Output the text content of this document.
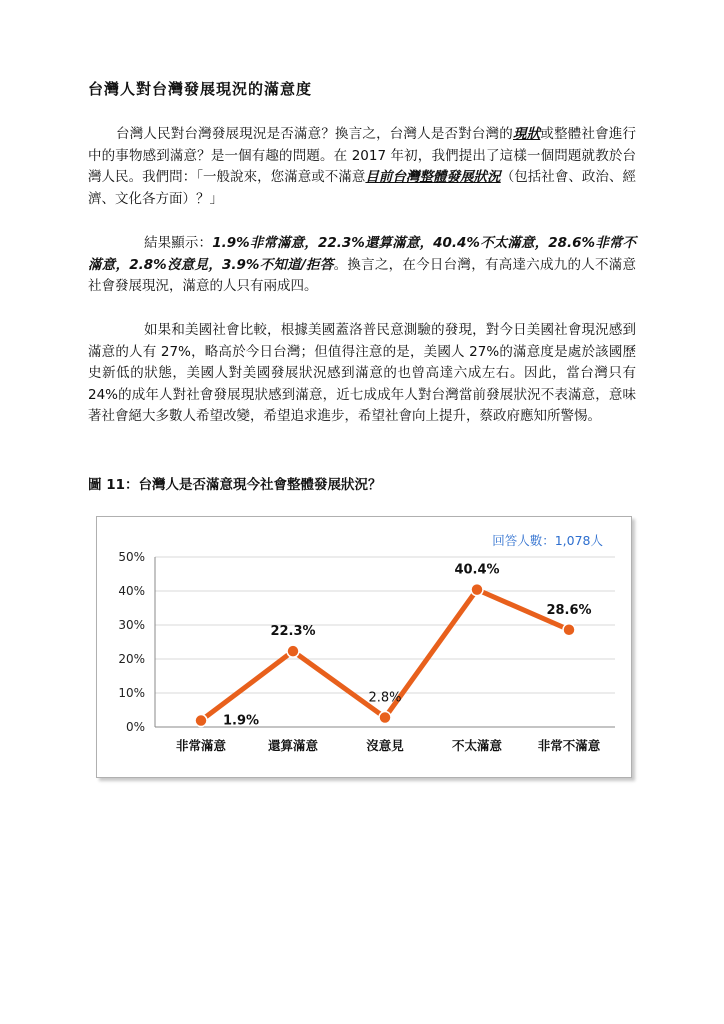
台灣人對台灣發展現況的滿意度

台灣人民對台灣發展現況是否滿意？換言之，台灣人是否對台灣的現狀或整體社會進行中的事物感到滿意？是一個有趣的問題。在 2017 年初，我們提出了這樣一個問題就教於台灣人民。我們問：「一般說來，您滿意或不滿意目前台灣整體發展狀況（包括社會、政治、經濟、文化各方面）？」

結果顯示：1.9%非常滿意，22.3%還算滿意，40.4%不太滿意，28.6%非常不滿意，2.8%沒意見，3.9%不知道/拒答。換言之，在今日台灣，有高達六成九的人不滿意社會發展現況，滿意的人只有兩成四。

如果和美國社會比較，根據美國蓋洛普民意測驗的發現，對今日美國社會現況感到滿意的人有 27%，略高於今日台灣；但值得注意的是，美國人 27%的滿意度是處於該國歷史新低的狀態，美國人對美國發展狀況感到滿意的也曾高達六成左右。因此，當台灣只有 24%的成年人對社會發展現狀感到滿意，近七成成年人對台灣當前發展狀況不表滿意，意味著社會絕大多數人希望改變，希望追求進步，希望社會向上提升，蔡政府應知所警惕。

圖 11：台灣人是否滿意現今社會整體發展狀況？

0%
10%
20%
30%
40%
50%
非常滿意	還算滿意	沒意見	不太滿意	非常不滿意
1.9%
22.3%
2.8%
40.4%
28.6%
回答人數：1,078人
